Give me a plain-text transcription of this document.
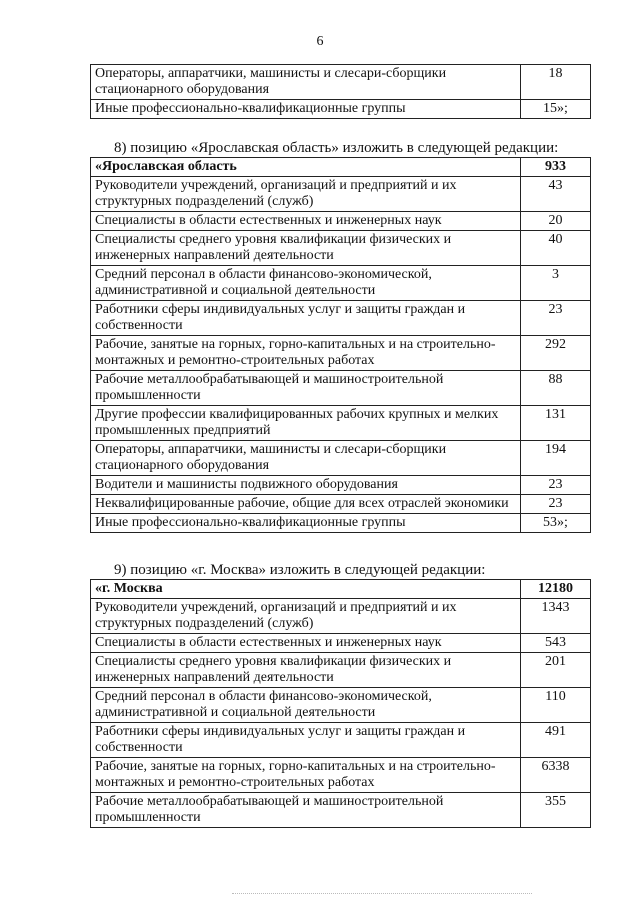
6
Операторы, аппаратчики, машинисты и слесари-сборщики стационарного оборудования	18
Иные профессионально-квалификационные группы	15»;
8) позицию «Ярославская область» изложить в следующей редакции:
«Ярославская область	933
Руководители учреждений, организаций и предприятий и их структурных подразделений (служб)	43
Специалисты в области естественных и инженерных наук	20
Специалисты среднего уровня квалификации физических и инженерных направлений деятельности	40
Средний персонал в области финансово-экономической, административной и социальной деятельности	3
Работники сферы индивидуальных услуг и защиты граждан и собственности	23
Рабочие, занятые на горных, горно-капитальных и на строительно-монтажных и ремонтно-строительных работах	292
Рабочие металлообрабатывающей и машиностроительной промышленности	88
Другие профессии квалифицированных рабочих крупных и мелких промышленных предприятий	131
Операторы, аппаратчики, машинисты и слесари-сборщики стационарного оборудования	194
Водители и машинисты подвижного оборудования	23
Неквалифицированные рабочие, общие для всех отраслей экономики	23
Иные профессионально-квалификационные группы	53»;
9) позицию «г. Москва» изложить в следующей редакции:
«г. Москва	12180
Руководители учреждений, организаций и предприятий и их структурных подразделений (служб)	1343
Специалисты в области естественных и инженерных наук	543
Специалисты среднего уровня квалификации физических и инженерных направлений деятельности	201
Средний персонал в области финансово-экономической, административной и социальной деятельности	110
Работники сферы индивидуальных услуг и защиты граждан и собственности	491
Рабочие, занятые на горных, горно-капитальных и на строительно-монтажных и ремонтно-строительных работах	6338
Рабочие металлообрабатывающей и машиностроительной промышленности	355
